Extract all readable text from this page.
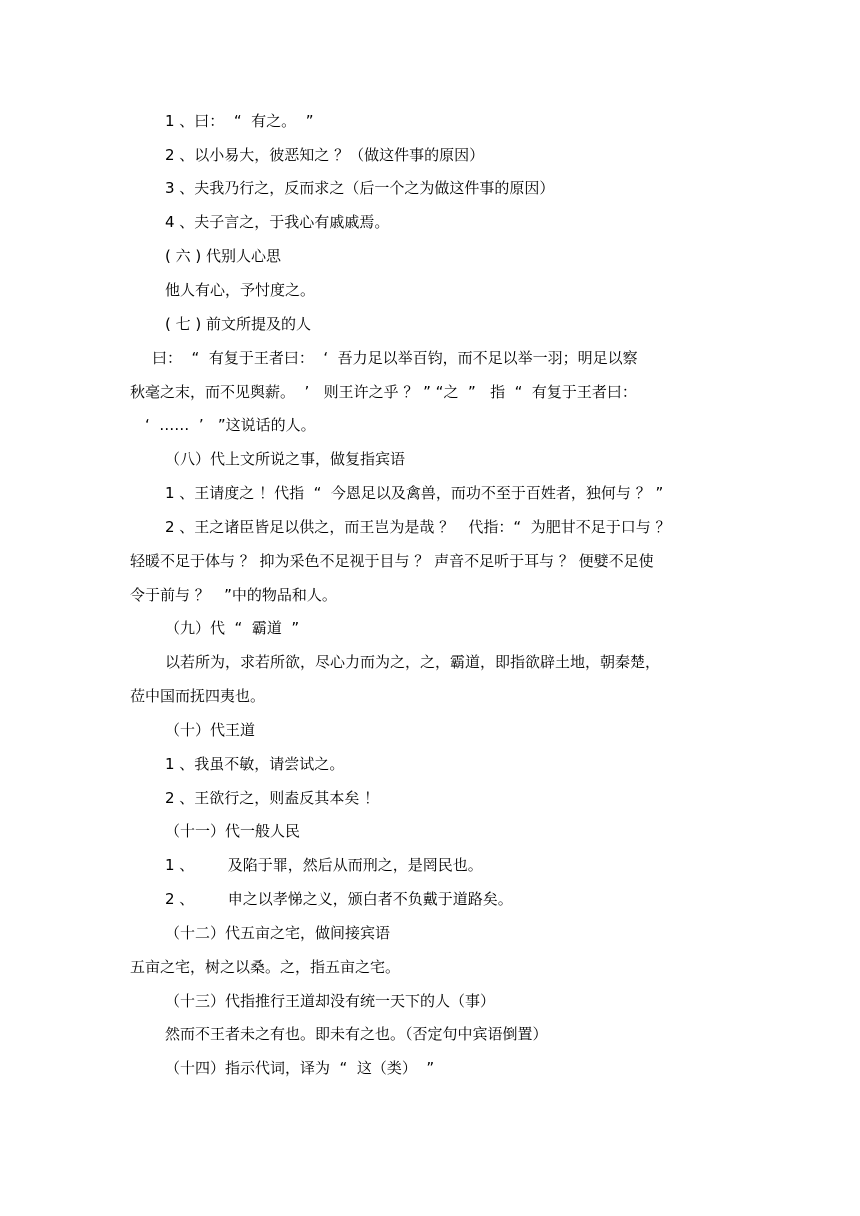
1 、曰：  “  有之。  ”

2 、以小易大，彼恶知之 ？（做这件事的原因）

3 、夫我乃行之，反而求之（后一个之为做这件事的原因）

4 、夫子言之，于我心有戚戚焉。

( 六 ) 代别人心思

他人有心，予忖度之。

( 七 ) 前文所提及的人

曰：  “  有复于王者曰：  ‘  吾力足以举百钧，而不足以举一羽；明足以察

秋毫之末，而不见舆薪。  ’   则王许之乎 ？ ” “之  ”   指  “  有复于王者曰：

‘  ……  ’   ”这说话的人。

（八）代上文所说之事，做复指宾语

1 、王请度之 ！代指  “  今恩足以及禽兽，而功不至于百姓者，独何与 ？ ”

2 、王之诸臣皆足以供之，而王岂为是哉 ？   代指：“  为肥甘不足于口与 ？

轻暖不足于体与 ？ 抑为采色不足视于目与 ？ 声音不足听于耳与 ？ 便嬖不足使

令于前与 ？   ”中的物品和人。

（九）代  “  霸道  ”

以若所为，求若所欲，尽心力而为之，之，霸道，即指欲辟土地，朝秦楚，

莅中国而抚四夷也。

（十）代王道

1 、我虽不敏，请尝试之。

2 、王欲行之，则盍反其本矣 ！

（十一）代一般人民

1 、       及陷于罪，然后从而刑之，是罔民也。

2 、       申之以孝悌之义，颁白者不负戴于道路矣。

（十二）代五亩之宅，做间接宾语

五亩之宅，树之以桑。之，指五亩之宅。

（十三）代指推行王道却没有统一天下的人（事）

然而不王者未之有也。即未有之也。（否定句中宾语倒置）

（十四）指示代词，译为  “  这（类）  ”
